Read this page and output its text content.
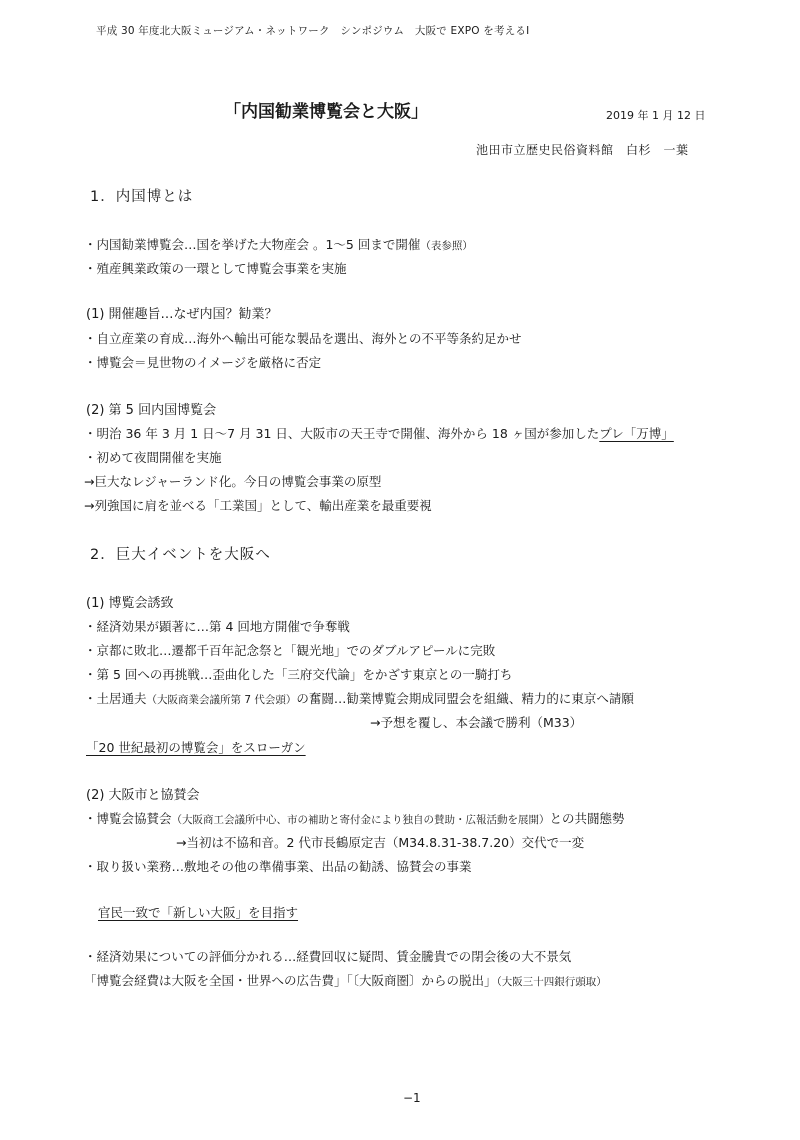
平成 30 年度北大阪ミュージアム・ネットワーク　シンポジウム　大阪で EXPO を考えるⅠ
「内国勧業博覧会と大阪」	2019 年 1 月 12 日
池田市立歴史民俗資料館　白杉　一葉
1．内国博とは
・内国勧業博覧会…国を挙げた大物産会 。1～5 回まで開催（表参照）
・殖産興業政策の一環として博覧会事業を実施
(1) 開催趣旨…なぜ内国？勧業？
・自立産業の育成…海外へ輸出可能な製品を選出、海外との不平等条約足かせ
・博覧会＝見世物のイメージを厳格に否定
(2) 第 5 回内国博覧会
・明治 36 年 3 月 1 日～7 月 31 日、大阪市の天王寺で開催、海外から 18 ヶ国が参加したプレ「万博」
・初めて夜間開催を実施
→巨大なレジャーランド化。今日の博覧会事業の原型
→列強国に肩を並べる「工業国」として、輸出産業を最重要視
2．巨大イベントを大阪へ
(1) 博覧会誘致
・経済効果が顕著に…第 4 回地方開催で争奪戦
・京都に敗北…遷都千百年記念祭と「観光地」でのダブルアピールに完敗
・第 5 回への再挑戦…歪曲化した「三府交代論」をかざす東京との一騎打ち
・土居通夫（大阪商業会議所第 7 代会頭）の奮闘…勧業博覧会期成同盟会を組織、精力的に東京へ請願
→予想を覆し、本会議で勝利（M33）
「20 世紀最初の博覧会」をスローガン
(2) 大阪市と協賛会
・博覧会協賛会（大阪商工会議所中心、市の補助と寄付金により独自の賛助・広報活動を展開）との共闘態勢
→当初は不協和音。2 代市長鶴原定吉（M34.8.31-38.7.20）交代で一変
・取り扱い業務…敷地その他の準備事業、出品の勧誘、協賛会の事業
官民一致で「新しい大阪」を目指す
・経済効果についての評価分かれる…経費回収に疑問、賃金騰貴での閉会後の大不景気
「博覧会経費は大阪を全国・世界への広告費」「〔大阪商圏〕からの脱出」（大阪三十四銀行頭取）
−1
